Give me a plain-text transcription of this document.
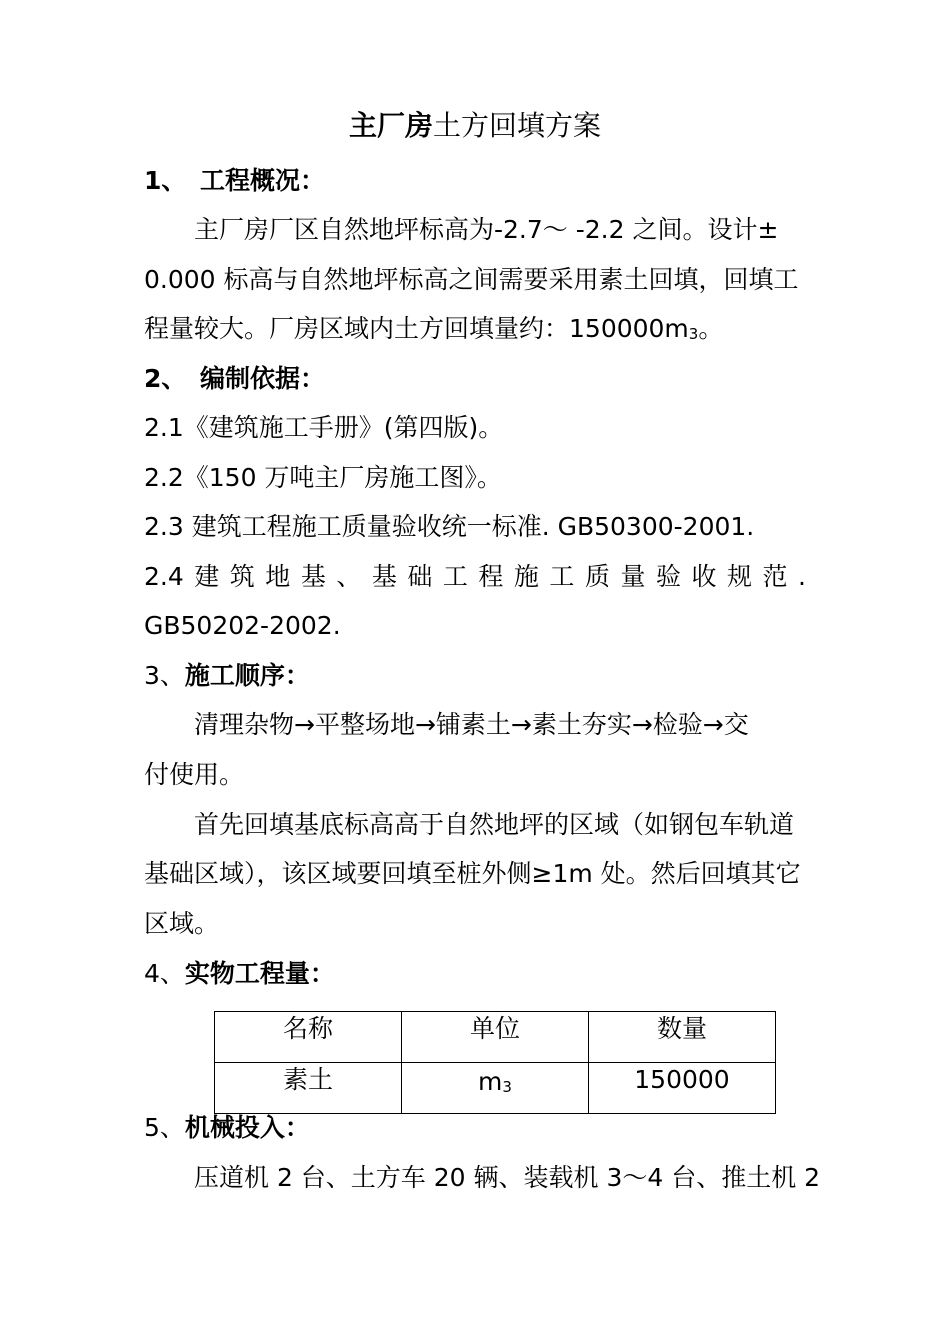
主厂房土方回填方案
1、 工程概况：
主厂房厂区自然地坪标高为-2.7～ -2.2 之间。设计±
0.000 标高与自然地坪标高之间需要采用素土回填，回填工
程量较大。厂房区域内土方回填量约：$150000m_3$。
2、 编制依据：
2.1《建筑施工手册》(第四版)。
2.2《150 万吨主厂房施工图》。
2.3 建筑工程施工质量验收统一标准. GB50300-2001.
2.4 建 筑 地 基 、 基 础 工 程 施 工 质 量 验 收 规 范 .
GB50202-2002.
3、施工顺序：
清理杂物→平整场地→铺素土→素土夯实→检验→交
付使用。
首先回填基底标高高于自然地坪的区域（如钢包车轨道
基础区域），该区域要回填至桩外侧≥1m 处。然后回填其它
区域。
4、实物工程量：
名称	单位	数量
素土	$m_3$	150000
5、机械投入：
压道机 2 台、土方车 20 辆、装载机 3～4 台、推土机 2
